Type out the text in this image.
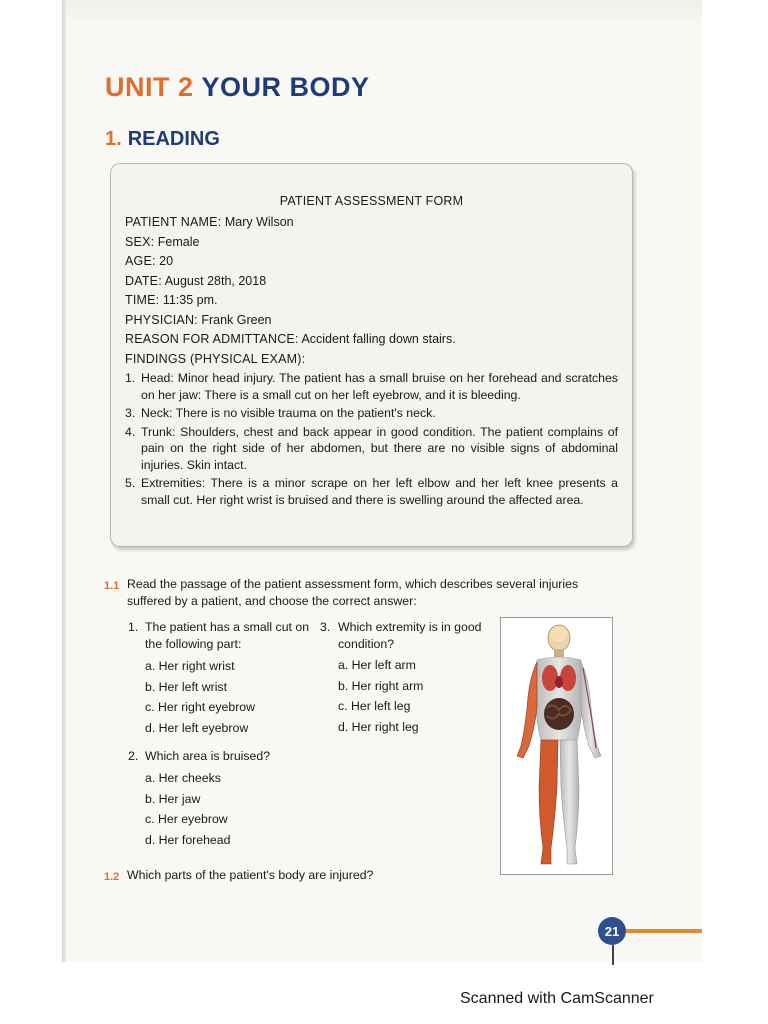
UNIT 2 YOUR BODY
1. READING
PATIENT ASSESSMENT FORM
PATIENT NAME: Mary Wilson
SEX: Female
AGE: 20
DATE: August 28th, 2018
TIME: 11:35 pm.
PHYSICIAN: Frank Green
REASON FOR ADMITTANCE: Accident falling down stairs.
FINDINGS (PHYSICAL EXAM):
1. Head: Minor head injury. The patient has a small bruise on her forehead and scratches on her jaw: There is a small cut on her left eyebrow, and it is bleeding.
3. Neck: There is no visible trauma on the patient's neck.
4. Trunk: Shoulders, chest and back appear in good condition. The patient complains of pain on the right side of her abdomen, but there are no visible signs of abdominal injuries. Skin intact.
5. Extremities: There is a minor scrape on her left elbow and her left knee presents a small cut. Her right wrist is bruised and there is swelling around the affected area.
1.1 Read the passage of the patient assessment form, which describes several injuries suffered by a patient, and choose the correct answer:
1. The patient has a small cut on the following part:
a. Her right wrist
b. Her left wrist
c. Her right eyebrow
d. Her left eyebrow
2. Which area is bruised?
a. Her cheeks
b. Her jaw
c. Her eyebrow
d. Her forehead
3. Which extremity is in good condition?
a. Her left arm
b. Her right arm
c. Her left leg
d. Her right leg
1.2 Which parts of the patient's body are injured?
21
Scanned with CamScanner
